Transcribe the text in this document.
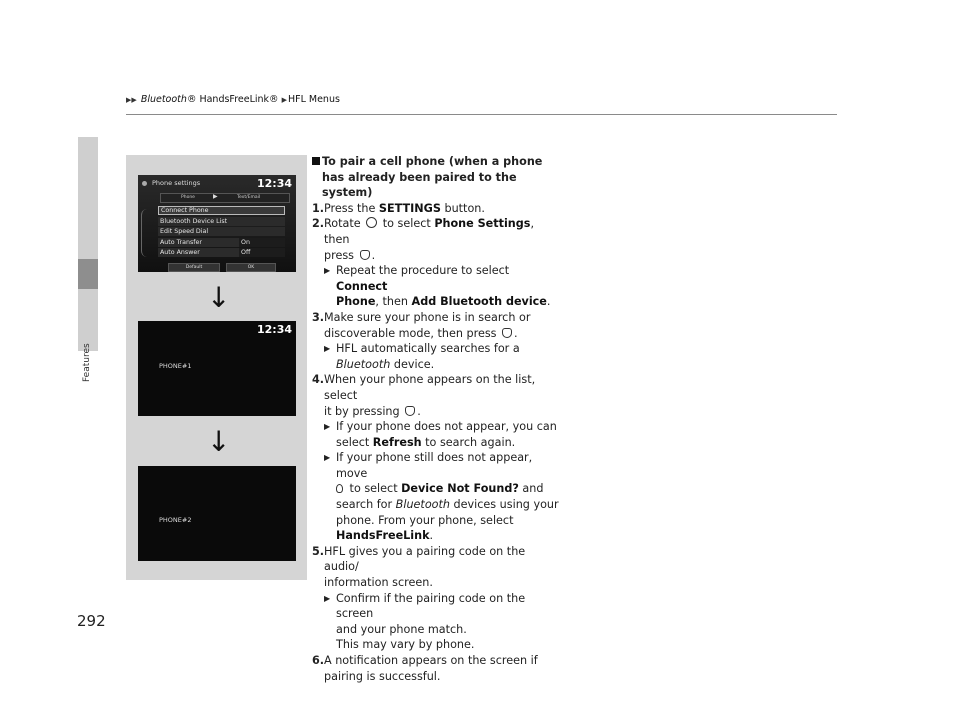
▶▶ Bluetooth® HandsFreeLink® ▶HFL Menus
Features
292
Phone settings	12:34
Phone	▶	Text/Email
Connect Phone
Bluetooth Device List
Edit Speed Dial
Auto Transfer	On
Auto Answer	Off
Default	OK
↓
12:34
PHONE#1
↓
PHONE#2
To pair a cell phone (when a phone has already been paired to the system)
1. Press the SETTINGS button.
2. Rotate  to select Phone Settings, then
press .
▶ Repeat the procedure to select Connect
Phone, then Add Bluetooth device.
3. Make sure your phone is in search or
discoverable mode, then press .
▶ HFL automatically searches for a
Bluetooth device.
4. When your phone appears on the list, select
it by pressing .
▶ If your phone does not appear, you can
select Refresh to search again.
▶ If your phone still does not appear, move
to select Device Not Found? and
search for Bluetooth devices using your
phone. From your phone, select
HandsFreeLink.
5. HFL gives you a pairing code on the audio/
information screen.
▶ Confirm if the pairing code on the screen
and your phone match.
This may vary by phone.
6. A notification appears on the screen if
pairing is successful.
